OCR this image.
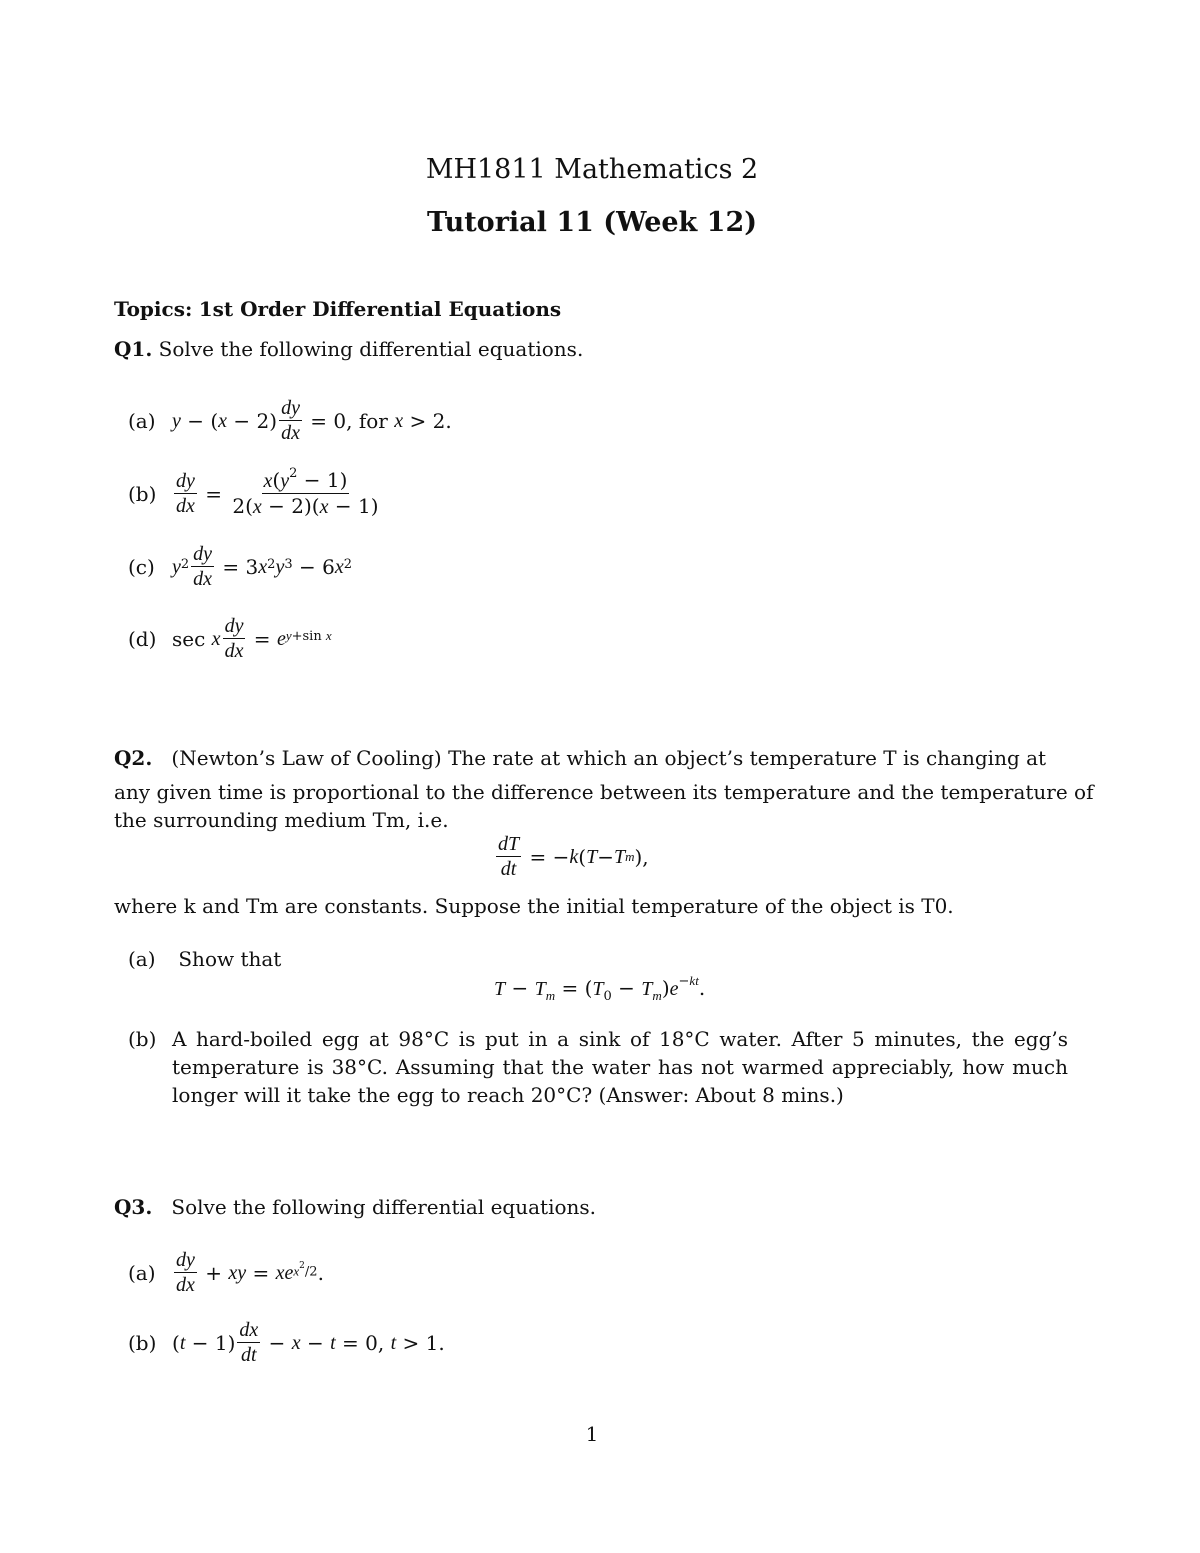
MH1811 Mathematics 2
Tutorial 11 (Week 12)
Topics: 1st Order Differential Equations
Q1. Solve the following differential equations.
(a) y − ( $x - 2) \frac{dy}{dx} = 0$, for x > 2.
$(b) \frac{dy}{dx} = \frac{x(y^2 - 1)}{2(x - 2)(x - 1)}$
(c) $y^2 \frac{dy}{dx} = 3$ $x^2$ $y^3 - 6$ $x^2$
(d) sec x $\frac{dy}{dx} = e$ $^{y+sin x}$
Q2. (Newton’s Law of Cooling) The rate at which an object’s temperature T is changing at
any given time is proportional to the difference between its temperature and the temperature of
the surrounding medium Tm, i.e.
$\frac{dT}{dt}$ = − k ( T − T m ),
where k and Tm are constants. Suppose the initial temperature of the object is T0.
(a) Show that
$T - T_m = (T_0 - T_m)e^{-kt}$.
(b) A hard-boiled egg at 98°C is put in a sink of 18°C water. After 5 minutes, the egg’s temperature is 38°C. Assuming that the water has not warmed appreciably, how much longer will it take the egg to reach 20°C? (Answer: About 8 mins.)
Q3. Solve the following differential equations.
$(a) \frac{dy}{dx}$ + xy = xe $^{x^2/2}$ .
(b) ( $t - 1) \frac{dx}{dt} - x - t = 0$, t > 1.
1
